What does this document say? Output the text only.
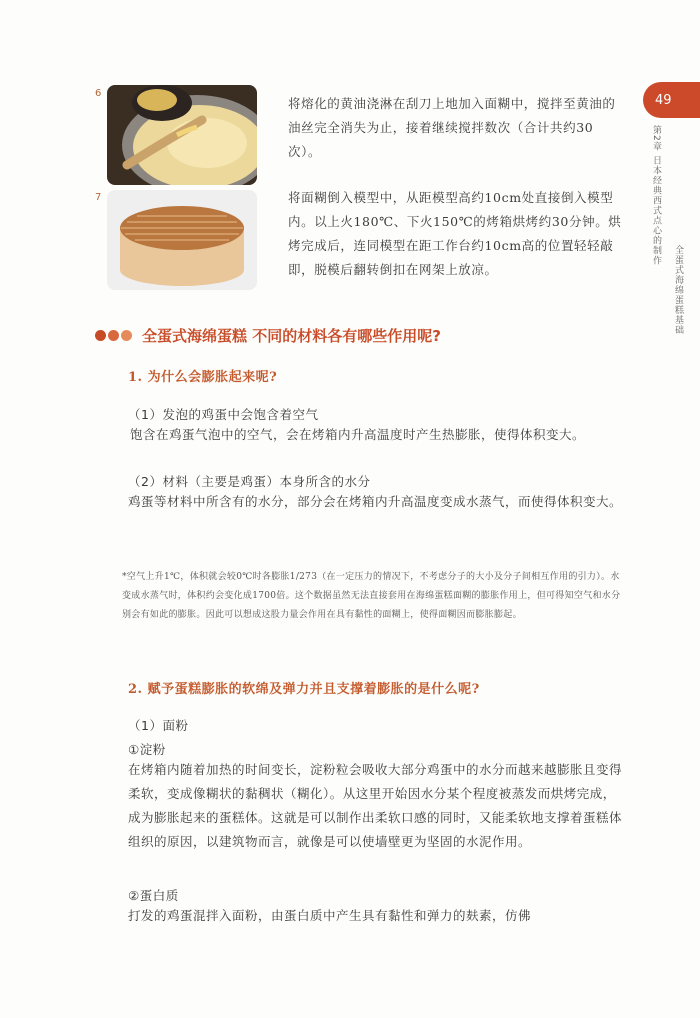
49
第2章 日本经典西式点心的制作
全蛋式海绵蛋糕基础
6
将熔化的黄油浇淋在刮刀上地加入面糊中，搅拌至黄油的油丝完全消失为止，接着继续搅拌数次（合计共约30次）。
7	将面糊倒入模型中，从距模型高约10cm处直接倒入模型内。以上火180℃、下火150℃的烤箱烘烤约30分钟。烘烤完成后，连同模型在距工作台约10cm高的位置轻轻敲即，脱模后翻转倒扣在网架上放凉。
全蛋式海绵蛋糕 不同的材料各有哪些作用呢?
1. 为什么会膨胀起来呢?
（1）发泡的鸡蛋中会饱含着空气
饱含在鸡蛋气泡中的空气，会在烤箱内升高温度时产生热膨胀，使得体积变大。
（2）材料（主要是鸡蛋）本身所含的水分
鸡蛋等材料中所含有的水分，部分会在烤箱内升高温度变成水蒸气，而使得体积变大。
*空气上升1℃，体积就会较0℃时各膨胀1/273（在一定压力的情况下，不考虑分子的大小及分子间相互作用的引力）。水变成水蒸气时，体积约会变化成1700倍。这个数据虽然无法直接套用在海绵蛋糕面糊的膨胀作用上，但可得知空气和水分别会有如此的膨胀。因此可以想成这股力量会作用在具有黏性的面糊上，使得面糊因而膨胀膨起。
2. 赋予蛋糕膨胀的软绵及弹力并且支撑着膨胀的是什么呢?
（1）面粉
①淀粉
在烤箱内随着加热的时间变长，淀粉粒会吸收大部分鸡蛋中的水分而越来越膨胀且变得柔软，变成像糊状的黏稠状（糊化）。从这里开始因水分某个程度被蒸发而烘烤完成，成为膨胀起来的蛋糕体。这就是可以制作出柔软口感的同时，又能柔软地支撑着蛋糕体组织的原因，以建筑物而言，就像是可以使墙壁更为坚固的水泥作用。
②蛋白质
打发的鸡蛋混拌入面粉，由蛋白质中产生具有黏性和弹力的麸素，仿佛
